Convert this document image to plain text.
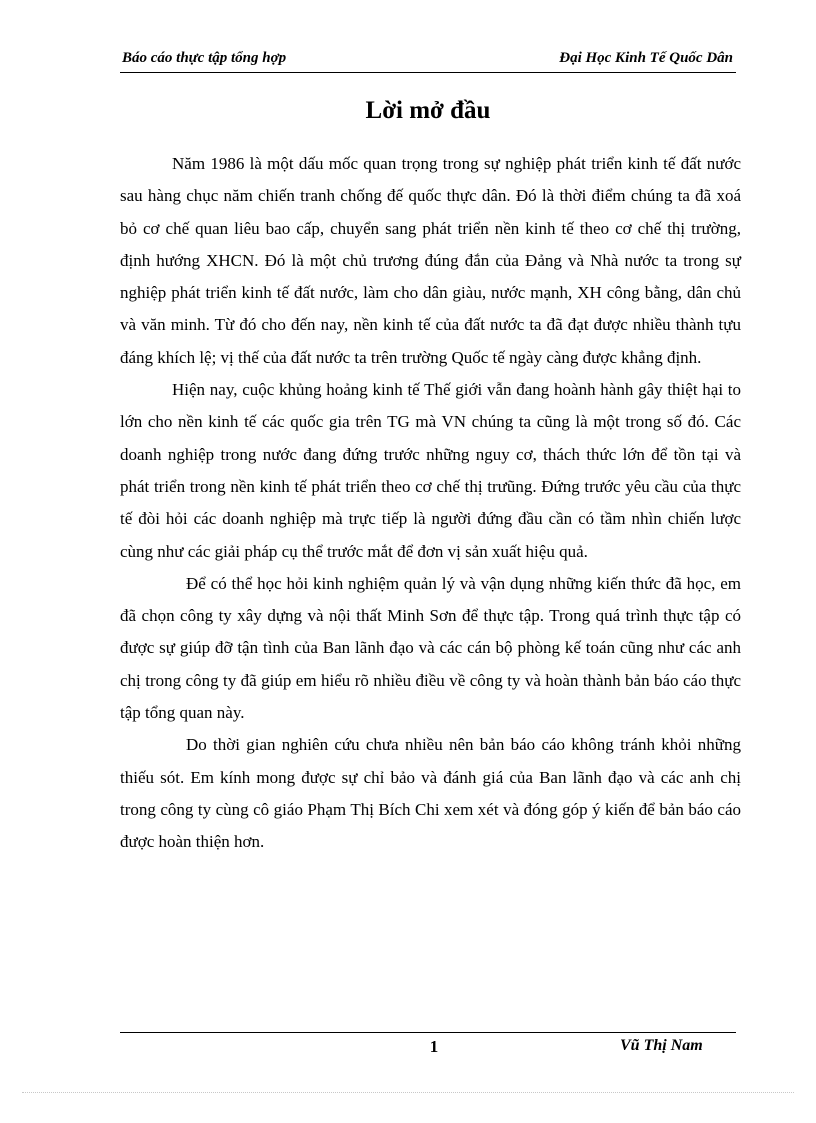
Báo cáo thực tập tổng hợp	Đại Học Kinh Tế Quốc Dân
Lời mở đầu

Năm 1986 là một dấu mốc quan trọng trong sự nghiệp phát triển kinh tế đất nước sau hàng chục năm chiến tranh chống đế quốc thực dân. Đó là thời điểm chúng ta đã xoá bỏ cơ chế quan liêu bao cấp, chuyển sang phát triển nền kinh tế theo cơ chế thị trường, định hướng XHCN. Đó là một chủ trương đúng đắn của Đảng và Nhà nước ta trong sự nghiệp phát triển kinh tế đất nước, làm cho dân giàu, nước mạnh, XH công bằng, dân chủ và văn minh. Từ đó cho đến nay, nền kinh tế của đất nước ta đã đạt được nhiều thành tựu đáng khích lệ; vị thế của đất nước ta trên trường Quốc tế ngày càng được khẳng định.

Hiện nay, cuộc khủng hoảng kinh tế Thế giới vẫn đang hoành hành gây thiệt hại to lớn cho nền kinh tế các quốc gia trên TG mà VN chúng ta cũng là một trong số đó. Các doanh nghiệp trong nước đang đứng trước những nguy cơ, thách thức lớn để tồn tại và phát triển trong nền kinh tế phát triển theo cơ chế thị trưũng. Đứng trước yêu cầu của thực tế đòi hỏi các doanh nghiệp mà trực tiếp là người đứng đầu cần có tầm nhìn chiến lược cùng như các giải pháp cụ thể trước mắt để đơn vị sản xuất hiệu quả.

Để có thể học hỏi kinh nghiệm quản lý và vận dụng những kiến thức đã học, em đã chọn công ty xây dựng và nội thất Minh Sơn để thực tập. Trong quá trình thực tập có được sự giúp đỡ tận tình của Ban lãnh đạo và các cán bộ phòng kế toán cũng như các anh chị trong công ty đã giúp em hiểu rõ nhiều điều về công ty và hoàn thành bản báo cáo thực tập tổng quan này.

Do thời gian nghiên cứu chưa nhiều nên bản báo cáo không tránh khỏi những thiếu sót. Em kính mong được sự chỉ bảo và đánh giá của Ban lãnh đạo và các anh chị trong công ty cùng cô giáo Phạm Thị Bích Chi xem xét và đóng góp ý kiến để bản báo cáo được hoàn thiện hơn.

1	Vũ Thị Nam
